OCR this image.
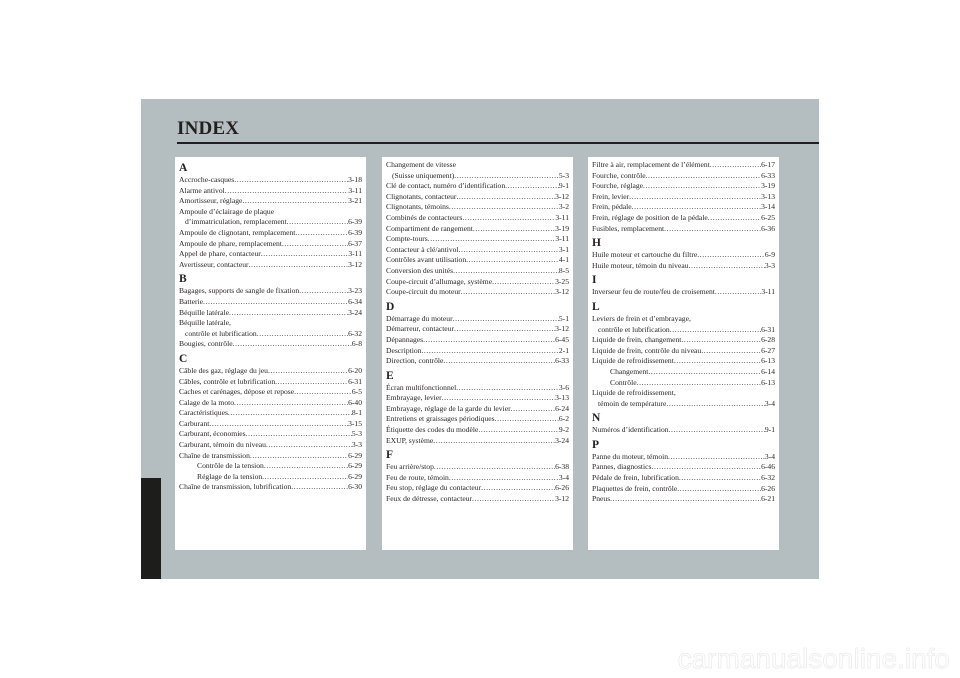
INDEX
A
Accroche-casques .....	3-18
Alarme antivol .....	3-11
Amortisseur, réglage .....	3-21
Ampoule d’éclairage de plaque
d’immatriculation, remplacement .....	6-39
Ampoule de clignotant, remplacement .....	6-39
Ampoule de phare, remplacement .....	6-37
Appel de phare, contacteur .....	3-11
Avertisseur, contacteur .....	3-12
B
Bagages, supports de sangle de fixation .....	3-23
Batterie .....	6-34
Béquille latérale .....	3-24
Béquille latérale,
contrôle et lubrification .....	6-32
Bougies, contrôle .....	6-8
C
Câble des gaz, réglage du jeu .....	6-20
Câbles, contrôle et lubrification .....	6-31
Caches et carénages, dépose et repose .....	6-5
Calage de la moto .....	6-40
Caractéristiques .....	8-1
Carburant .....	3-15
Carburant, économies .....	5-3
Carburant, témoin du niveau .....	3-3
Chaîne de transmission .....	6-29
Contrôle de la tension .....	6-29
Réglage de la tension .....	6-29
Chaîne de transmission, lubrification .....	6-30
Changement de vitesse
(Suisse uniquement) .....	5-3
Clé de contact, numéro d’identification .....	9-1
Clignotants, contacteur .....	3-12
Clignotants, témoins .....	3-2
Combinés de contacteurs .....	3-11
Compartiment de rangement .....	3-19
Compte-tours .....	3-11
Contacteur à clé/antivol .....	3-1
Contrôles avant utilisation .....	4-1
Conversion des unités .....	8-5
Coupe-circuit d’allumage, système .....	3-25
Coupe-circuit du moteur .....	3-12
D
Démarrage du moteur .....	5-1
Démarreur, contacteur .....	3-12
Dépannages .....	6-45
Description .....	2-1
Direction, contrôle .....	6-33
E
Écran multifonctionnel .....	3-6
Embrayage, levier .....	3-13
Embrayage, réglage de la garde du levier .....	6-24
Entretiens et graissages périodiques .....	6-2
Étiquette des codes du modèle .....	9-2
EXUP, système .....	3-24
F
Feu arrière/stop .....	6-38
Feu de route, témoin .....	3-4
Feu stop, réglage du contacteur .....	6-26
Feux de détresse, contacteur .....	3-12
Filtre à air, remplacement de l’élément .....	6-17
Fourche, contrôle .....	6-33
Fourche, réglage .....	3-19
Frein, levier .....	3-13
Frein, pédale .....	3-14
Frein, réglage de position de la pédale .....	6-25
Fusibles, remplacement .....	6-36
H
Huile moteur et cartouche du filtre .....	6-9
Huile moteur, témoin du niveau .....	3-3
I
Inverseur feu de route/feu de croisement .....	3-11
L
Leviers de frein et d’embrayage,
contrôle et lubrification .....	6-31
Liquide de frein, changement .....	6-28
Liquide de frein, contrôle du niveau .....	6-27
Liquide de refroidissement .....	6-13
Changement .....	6-14
Contrôle .....	6-13
Liquide de refroidissement,
témoin de température .....	3-4
N
Numéros d’identification .....	9-1
P
Panne du moteur, témoin .....	3-4
Pannes, diagnostics .....	6-46
Pédale de frein, lubrification .....	6-32
Plaquettes de frein, contrôle .....	6-26
Pneus .....	6-21
carmanualsonline.info
